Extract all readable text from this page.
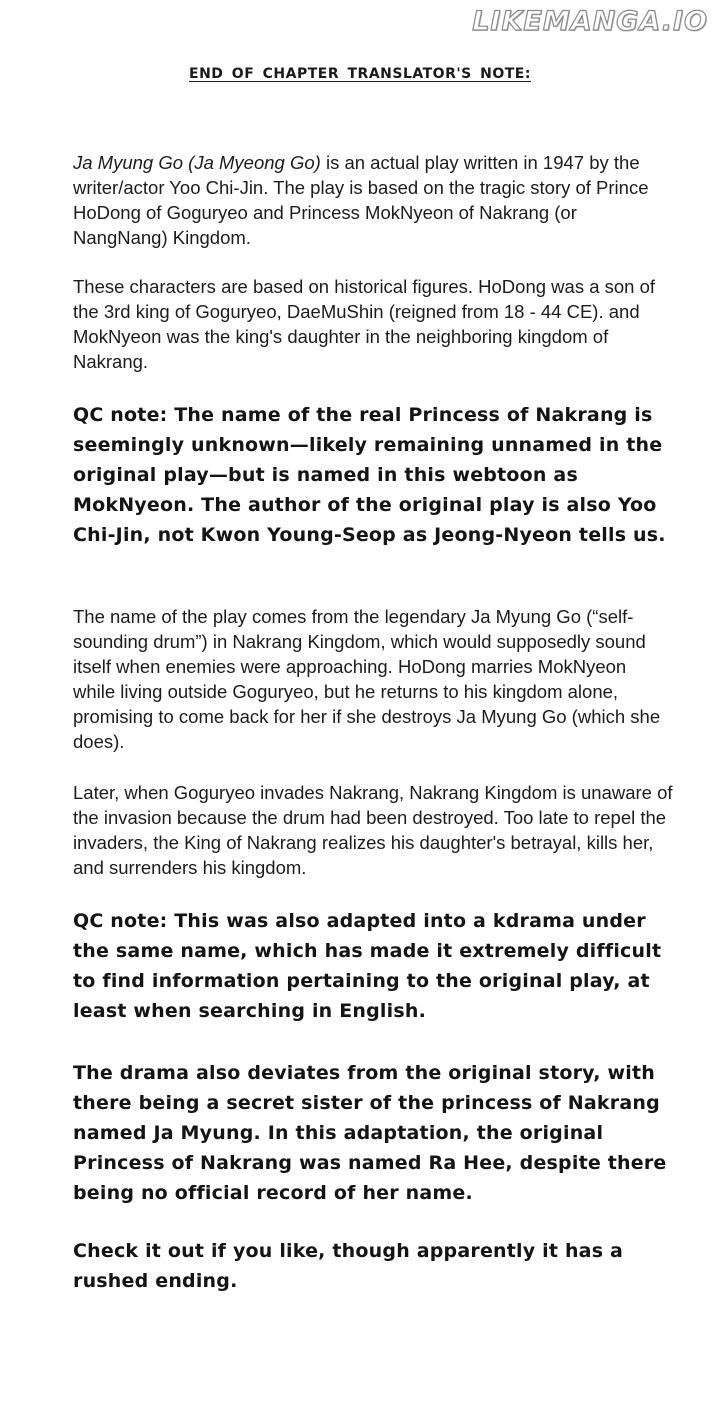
LIKEMANGA.IO
END OF CHAPTER TRANSLATOR'S NOTE:

Ja Myung Go (Ja Myeong Go) is an actual play written in 1947 by the writer/actor Yoo Chi-Jin. The play is based on the tragic story of Prince HoDong of Goguryeo and Princess MokNyeon of Nakrang (or NangNang) Kingdom.

These characters are based on historical figures. HoDong was a son of the 3rd king of Goguryeo, DaeMuShin (reigned from 18 - 44 CE). and MokNyeon was the king's daughter in the neighboring kingdom of Nakrang.

QC note: The name of the real Princess of Nakrang is seemingly unknown—likely remaining unnamed in the original play—but is named in this webtoon as MokNyeon. The author of the original play is also Yoo Chi-Jin, not Kwon Young-Seop as Jeong-Nyeon tells us.

The name of the play comes from the legendary Ja Myung Go (“self-sounding drum”) in Nakrang Kingdom, which would supposedly sound itself when enemies were approaching. HoDong marries MokNyeon while living outside Goguryeo, but he returns to his kingdom alone, promising to come back for her if she destroys Ja Myung Go (which she does).

Later, when Goguryeo invades Nakrang, Nakrang Kingdom is unaware of the invasion because the drum had been destroyed. Too late to repel the invaders, the King of Nakrang realizes his daughter's betrayal, kills her, and surrenders his kingdom.

QC note: This was also adapted into a kdrama under the same name, which has made it extremely difficult to find information pertaining to the original play, at least when searching in English.

The drama also deviates from the original story, with there being a secret sister of the princess of Nakrang named Ja Myung. In this adaptation, the original Princess of Nakrang was named Ra Hee, despite there being no official record of her name.

Check it out if you like, though apparently it has a rushed ending.
